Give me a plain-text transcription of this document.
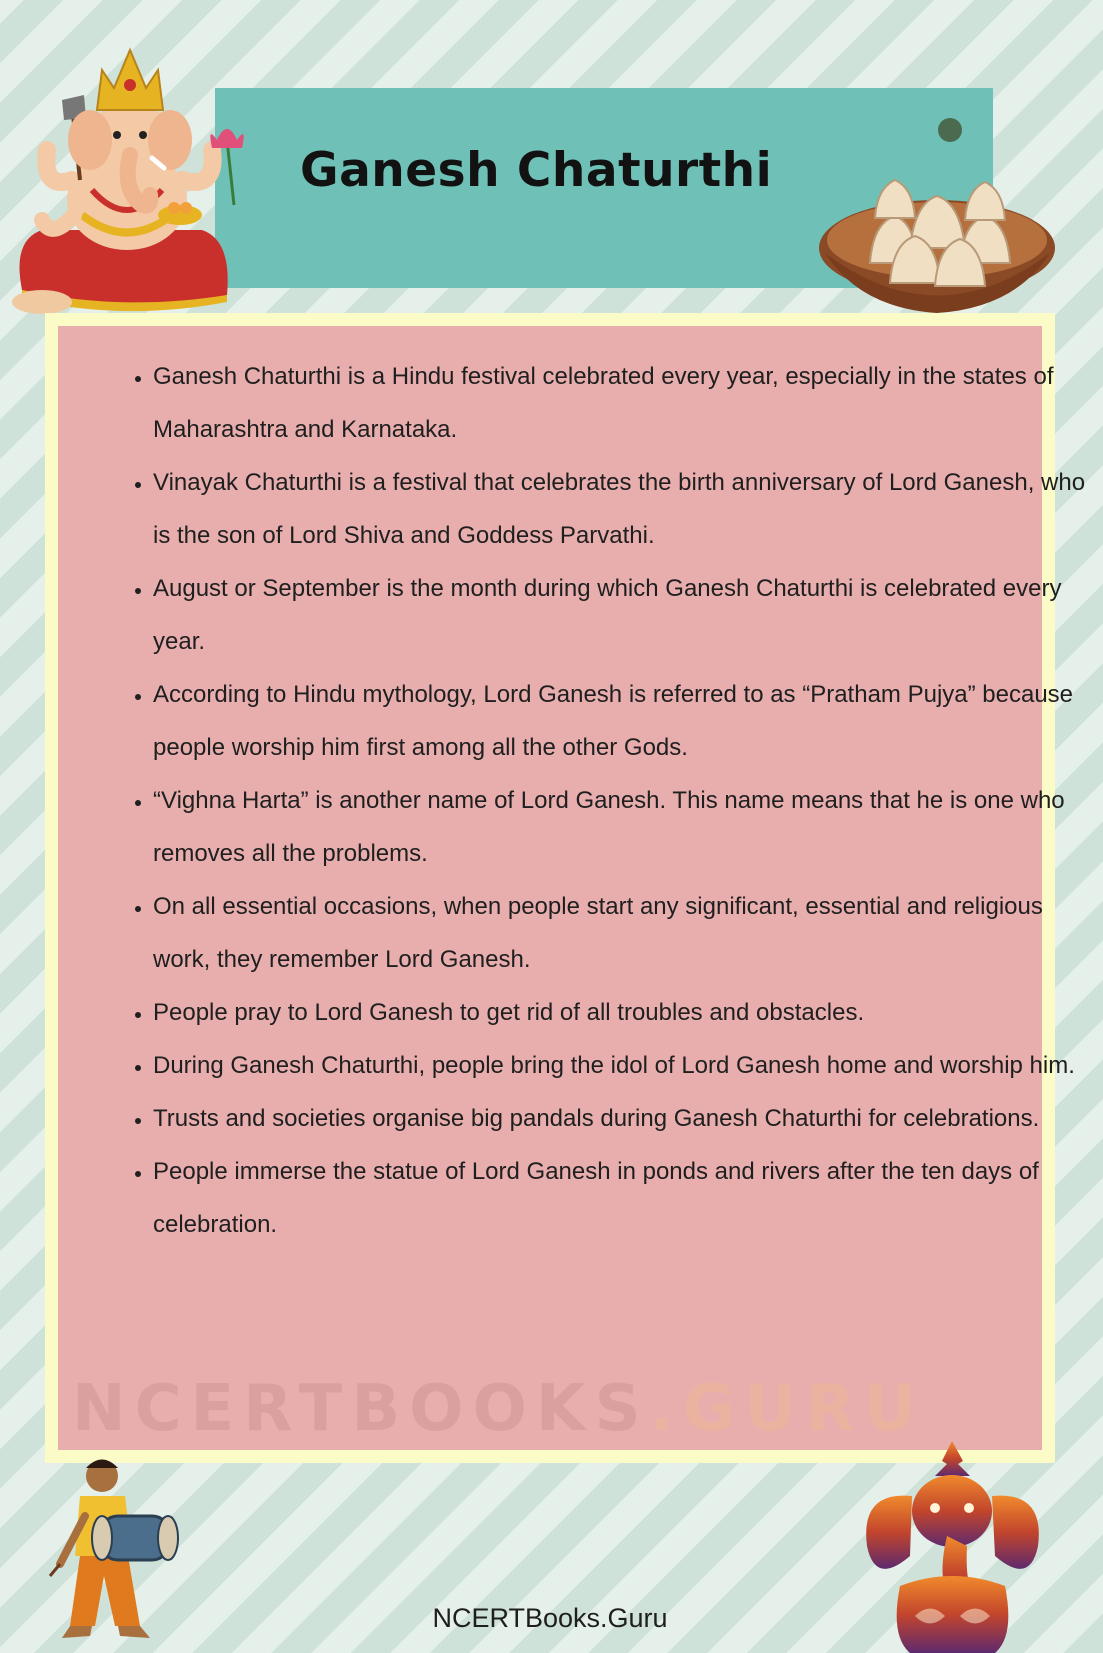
Ganesh Chaturthi
• Ganesh Chaturthi is a Hindu festival celebrated every year, especially in the states of Maharashtra and Karnataka.
• Vinayak Chaturthi is a festival that celebrates the birth anniversary of Lord Ganesh, who is the son of Lord Shiva and Goddess Parvathi.
• August or September is the month during which Ganesh Chaturthi is celebrated every year.
• According to Hindu mythology, Lord Ganesh is referred to as “Pratham Pujya” because people worship him first among all the other Gods.
• “Vighna Harta” is another name of Lord Ganesh. This name means that he is one who removes all the problems.
• On all essential occasions, when people start any significant, essential and religious work, they remember Lord Ganesh.
• People pray to Lord Ganesh to get rid of all troubles and obstacles.
• During Ganesh Chaturthi, people bring the idol of Lord Ganesh home and worship him.
• Trusts and societies organise big pandals during Ganesh Chaturthi for celebrations.
• People immerse the statue of Lord Ganesh in ponds and rivers after the ten days of celebration.
NCERTBOOKS.GURU
NCERTBooks.Guru
